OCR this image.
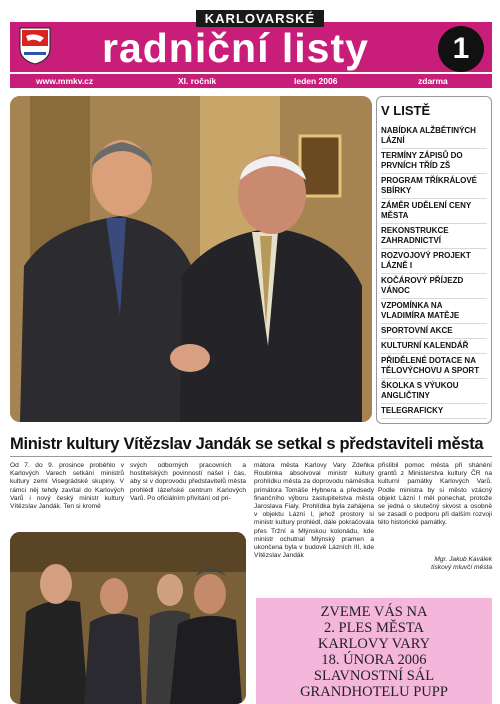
KARLOVARSKÉ
radniční listy	1
www.mmkv.cz	XI. ročník	leden 2006	zdarma
V LISTĚ
NABÍDKA ALŽBĚTINÝCH LÁZNÍ
TERMÍNY ZÁPISŮ DO PRVNÍCH TŘÍD ZŠ
PROGRAM TŘÍKRÁLOVÉ SBÍRKY
ZÁMĚR UDĚLENÍ CENY MĚSTA
REKONSTRUKCE ZAHRADNICTVÍ
ROZVOJOVÝ PROJEKT LÁZNĚ I
KOČÁROVÝ PŘÍJEZD VÁNOC
VZPOMÍNKA NA VLADIMÍRA MATĚJE
SPORTOVNÍ AKCE
KULTURNÍ KALENDÁŘ
PŘIDĚLENÉ DOTACE NA TĚLOVÝCHOVU A SPORT
ŠKOLKA S VÝUKOU ANGLIČTINY
TELEGRAFICKY
Ministr kultury Vítězslav Jandák se setkal s představiteli města
Od 7. do 9. prosince proběhlo v Karlových Varech setkání ministrů kultury zemí Visegrádské skupiny. V rámci něj tehdy zavítal do Karlových Varů i nový český ministr kultury Vítězslav Jandák. Ten si kromě
svých odborných pracovních a hostitelských povinností našel i čas, aby si v doprovodu představitelů města prohlédl lázeňské centrum Karlových Varů. Po oficiálním přivítání od pri-
mátora města Karlovy Vary Zdeňka Roubínka absolvoval ministr kultury prohlídku města za doprovodu náměstka primátora Tomáše Hybnera a předsedy finančního výboru zastupitelstva města Jaroslava Fialy. Prohlídka byla zahájena v objektu Lázní I, jehož prostory si ministr kultury prohlédl, dále pokračovala přes Tržní a Mlýnskou kolonádu, kde ministr ochutnal Mlýnský pramen a ukončena byla v budově Lázních III, kde Vítězslav Jandák
přislíbil pomoc města při shánění grantů z Ministerstva kultury ČR na kulturní památky Karlových Varů. Podle ministra by si město vzácný objekt Lázní I měl ponechat, protože se jedná o skutečný skvost a osobně se zasadí o podporu při dalším rozvoji této historické památky.
Mgr. Jakub Kaválek
tiskový mluvčí města
ZVEME VÁS NA
2. PLES MĚSTA
KARLOVY VARY
18. ÚNORA 2006
SLAVNOSTNÍ SÁL
GRANDHOTELU PUPP
